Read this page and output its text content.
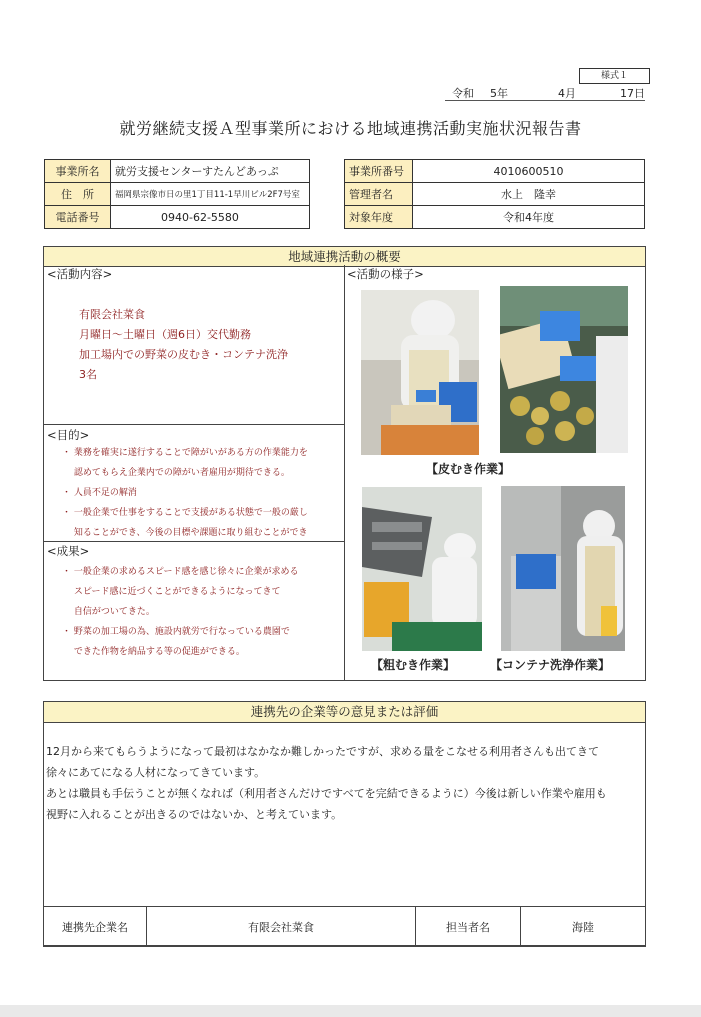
様式１
令和 5年	4月	17日
就労継続支援Ａ型事業所における地域連携活動実施状況報告書
事業所名	就労支援センターすたんどあっぷ
住　所	福岡県宗像市日の里1丁目11-1早川ビル2F7号室
電話番号	0940-62-5580
事業所番号	4010600510
管理者名	水上　隆幸
対象年度	令和4年度
地域連携活動の概要
<活動内容>
有限会社菜食
月曜日～土曜日（週6日）交代勤務
加工場内での野菜の皮むき・コンテナ洗浄
3名
<目的>
・ 業務を確実に遂行することで障がいがある方の作業能力を
　 認めてもらえ企業内での障がい者雇用が期待できる。
・ 人員不足の解消
・ 一般企業で仕事をすることで支援がある状態で一般の厳し
　 知ることができ、今後の目標や課題に取り組むことができ
<成果>
・ 一般企業の求めるスピード感を感じ徐々に企業が求める
　 スピード感に近づくことができるようになってきて
　 自信がついてきた。
・ 野菜の加工場の為、施設内就労で行なっている農園で
　 できた作物を納品する等の促進ができる。
<活動の様子>
【皮むき作業】
【粗むき作業】	【コンテナ洗浄作業】
連携先の企業等の意見または評価
12月から来てもらうようになって最初はなかなか難しかったですが、求める量をこなせる利用者さんも出てきて
徐々にあてになる人材になってきています。
あとは職員も手伝うことが無くなれば（利用者さんだけですべてを完結できるように）今後は新しい作業や雇用も
視野に入れることが出きるのではないか、と考えています。
連携先企業名	有限会社菜食	担当者名	海陸
